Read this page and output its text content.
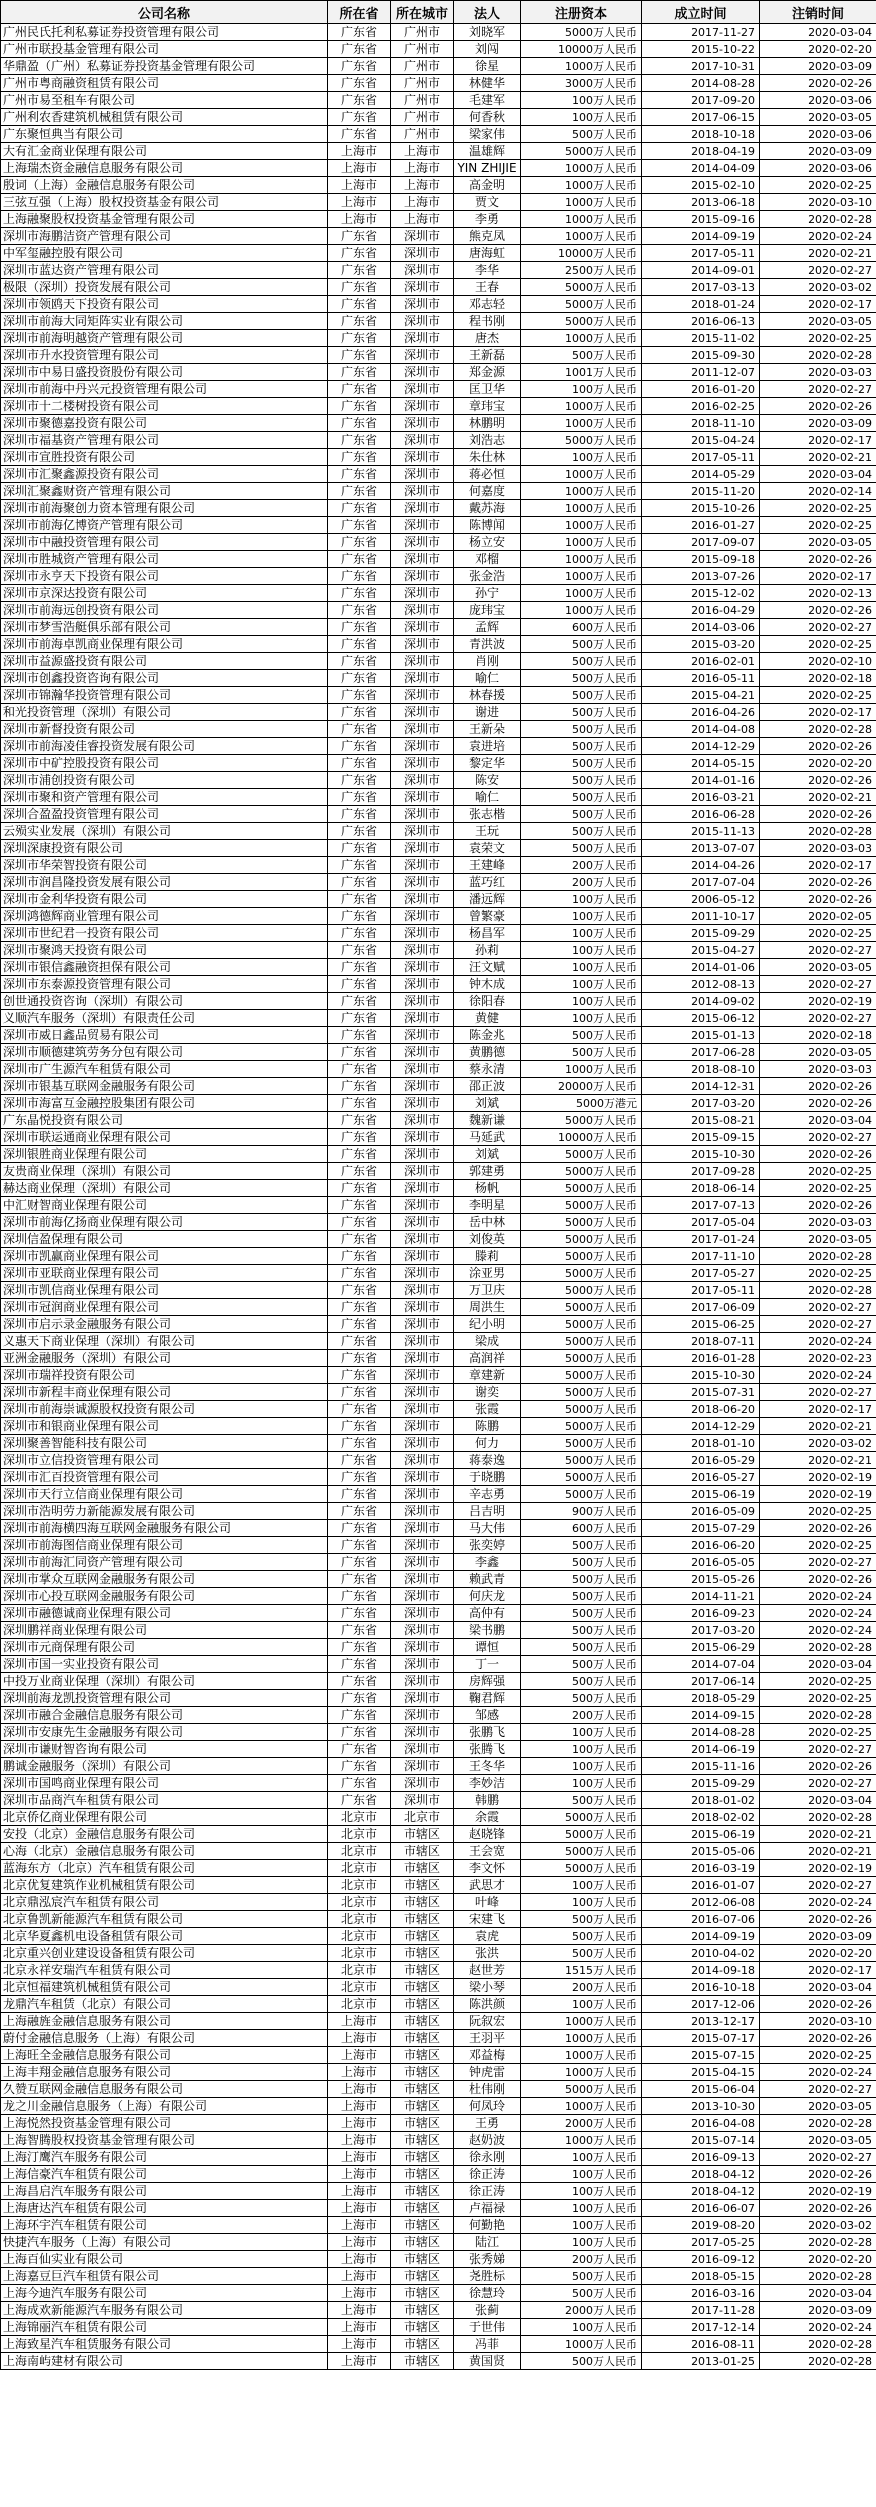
公司名称	所在省	所在城市	法人	注册资本	成立时间	注销时间
广州民氏托利私募证券投资管理有限公司	广东省	广州市	刘晓军	5000万人民币	2017-11-27	2020-03-04
广州市联投基金管理有限公司	广东省	广州市	刘闯	10000万人民币	2015-10-22	2020-02-20
华鼎盈（广州）私募证券投资基金管理有限公司	广东省	广州市	徐星	1000万人民币	2017-10-31	2020-03-09
广州市粤商融资租赁有限公司	广东省	广州市	林健华	3000万人民币	2014-08-28	2020-02-26
广州市易至租车有限公司	广东省	广州市	毛建军	100万人民币	2017-09-20	2020-03-06
广州利农香建筑机械租赁有限公司	广东省	广州市	何香秋	100万人民币	2017-06-15	2020-03-05
广东聚恒典当有限公司	广东省	广州市	梁家伟	500万人民币	2018-10-18	2020-03-06
大有汇金商业保理有限公司	上海市	上海市	温雄辉	5000万人民币	2018-04-19	2020-03-09
上海瑞杰资金融信息服务有限公司	上海市	上海市	YIN ZHIJIE	1000万人民币	2014-04-09	2020-03-06
殷词（上海）金融信息服务有限公司	上海市	上海市	高金明	1000万人民币	2015-02-10	2020-02-25
三弦互强（上海）股权投资基金有限公司	上海市	上海市	贾文	1000万人民币	2013-06-18	2020-03-10
上海融聚股权投资基金管理有限公司	上海市	上海市	李勇	1000万人民币	2015-09-16	2020-02-28
深圳市海鹏洁资产管理有限公司	广东省	深圳市	熊克凤	1000万人民币	2014-09-19	2020-02-24
中军玺融控股有限公司	广东省	深圳市	唐海虹	10000万人民币	2017-05-11	2020-02-21
深圳市蓝达资产管理有限公司	广东省	深圳市	李华	2500万人民币	2014-09-01	2020-02-27
极限（深圳）投资发展有限公司	广东省	深圳市	王春	5000万人民币	2017-03-13	2020-03-02
深圳市领鸥天下投资有限公司	广东省	深圳市	邓志轻	5000万人民币	2018-01-24	2020-02-17
深圳市前海大同矩阵实业有限公司	广东省	深圳市	程书刚	5000万人民币	2016-06-13	2020-03-05
深圳市前海明越资产管理有限公司	广东省	深圳市	唐杰	1000万人民币	2015-11-02	2020-02-25
深圳市升水投资管理有限公司	广东省	深圳市	王新磊	500万人民币	2015-09-30	2020-02-28
深圳市中易日盛投资股份有限公司	广东省	深圳市	郑金源	1001万人民币	2011-12-07	2020-03-03
深圳市前海中丹兴元投资管理有限公司	广东省	深圳市	匡卫华	100万人民币	2016-01-20	2020-02-27
深圳市十二楼树投资有限公司	广东省	深圳市	章玮宝	1000万人民币	2016-02-25	2020-02-26
深圳市聚德嘉投资有限公司	广东省	深圳市	林鹏明	1000万人民币	2018-11-10	2020-03-09
深圳市福基资产管理有限公司	广东省	深圳市	刘浩志	5000万人民币	2015-04-24	2020-02-17
深圳市宣胜投资有限公司	广东省	深圳市	朱仕林	100万人民币	2017-05-11	2020-02-21
深圳市汇聚鑫源投资有限公司	广东省	深圳市	蒋必恒	1000万人民币	2014-05-29	2020-03-04
深圳汇聚鑫财资产管理有限公司	广东省	深圳市	何嘉度	1000万人民币	2015-11-20	2020-02-14
深圳市前海聚创力资本管理有限公司	广东省	深圳市	戴苏海	1000万人民币	2015-10-26	2020-02-25
深圳市前海亿博资产管理有限公司	广东省	深圳市	陈博闻	1000万人民币	2016-01-27	2020-02-25
深圳市中融投资管理有限公司	广东省	深圳市	杨立安	1000万人民币	2017-09-07	2020-03-05
深圳市胜城资产管理有限公司	广东省	深圳市	邓榴	1000万人民币	2015-09-18	2020-02-26
深圳市永亨天下投资有限公司	广东省	深圳市	张金浩	1000万人民币	2013-07-26	2020-02-17
深圳市京深达投资有限公司	广东省	深圳市	孙宁	1000万人民币	2015-12-02	2020-02-13
深圳市前海远创投资有限公司	广东省	深圳市	庞玮宝	1000万人民币	2016-04-29	2020-02-26
深圳市梦雪浩艇俱乐部有限公司	广东省	深圳市	孟辉	600万人民币	2014-03-06	2020-02-27
深圳市前海卓凯商业保理有限公司	广东省	深圳市	青洪波	500万人民币	2015-03-20	2020-02-25
深圳市益源盛投资有限公司	广东省	深圳市	肖刚	500万人民币	2016-02-01	2020-02-10
深圳市创鑫投资咨询有限公司	广东省	深圳市	喻仁	500万人民币	2016-05-11	2020-02-18
深圳市锦瀚华投资管理有限公司	广东省	深圳市	林春援	500万人民币	2015-04-21	2020-02-25
和光投资管理（深圳）有限公司	广东省	深圳市	谢进	500万人民币	2016-04-26	2020-02-17
深圳市新督投资有限公司	广东省	深圳市	王新朵	500万人民币	2014-04-08	2020-02-28
深圳市前海凌佳睿投资发展有限公司	广东省	深圳市	袁进培	500万人民币	2014-12-29	2020-02-26
深圳市中矿控股投资有限公司	广东省	深圳市	黎定华	500万人民币	2014-05-15	2020-02-20
深圳市浦创投资有限公司	广东省	深圳市	陈安	500万人民币	2014-01-16	2020-02-26
深圳市聚和资产管理有限公司	广东省	深圳市	喻仁	500万人民币	2016-03-21	2020-02-21
深圳合盈盈投资管理有限公司	广东省	深圳市	张志楷	500万人民币	2016-06-28	2020-02-26
云殒实业发展（深圳）有限公司	广东省	深圳市	王玩	500万人民币	2015-11-13	2020-02-28
深圳深康投资有限公司	广东省	深圳市	袁荣文	500万人民币	2013-07-07	2020-03-03
深圳市华荣智投资有限公司	广东省	深圳市	王建峰	200万人民币	2014-04-26	2020-02-17
深圳市润昌隆投资发展有限公司	广东省	深圳市	蓝巧红	200万人民币	2017-07-04	2020-02-26
深圳市金利华投资有限公司	广东省	深圳市	潘远辉	100万人民币	2006-05-12	2020-02-26
深圳鸿德辉商业管理有限公司	广东省	深圳市	曾繁豪	100万人民币	2011-10-17	2020-02-05
深圳市世纪君一投资有限公司	广东省	深圳市	杨昌军	100万人民币	2015-09-29	2020-02-25
深圳市聚鸿天投资有限公司	广东省	深圳市	孙莉	100万人民币	2015-04-27	2020-02-27
深圳市银信鑫融资担保有限公司	广东省	深圳市	汪文赋	100万人民币	2014-01-06	2020-03-05
深圳市东泰源投资管理有限公司	广东省	深圳市	钟木成	100万人民币	2012-08-13	2020-02-27
创世通投资咨询（深圳）有限公司	广东省	深圳市	徐阳春	100万人民币	2014-09-02	2020-02-19
义顺汽车服务（深圳）有限责任公司	广东省	深圳市	黄健	100万人民币	2015-06-12	2020-02-27
深圳市威日鑫品贸易有限公司	广东省	深圳市	陈金兆	500万人民币	2015-01-13	2020-02-18
深圳市顺德建筑劳务分包有限公司	广东省	深圳市	黄鹏德	500万人民币	2017-06-28	2020-03-05
深圳市广生源汽车租赁有限公司	广东省	深圳市	蔡永清	1000万人民币	2018-08-10	2020-03-03
深圳市银基互联网金融服务有限公司	广东省	深圳市	邵正波	20000万人民币	2014-12-31	2020-02-26
深圳市海富互金融控股集团有限公司	广东省	深圳市	刘斌	5000万港元	2017-03-20	2020-02-26
广东晶悦投资有限公司	广东省	深圳市	魏新谦	5000万人民币	2015-08-21	2020-03-04
深圳市联运通商业保理有限公司	广东省	深圳市	马延武	10000万人民币	2015-09-15	2020-02-27
深圳银胜商业保理有限公司	广东省	深圳市	刘斌	5000万人民币	2015-10-30	2020-02-26
友贵商业保理（深圳）有限公司	广东省	深圳市	郭建勇	5000万人民币	2017-09-28	2020-02-25
赫达商业保理（深圳）有限公司	广东省	深圳市	杨帆	5000万人民币	2018-06-14	2020-02-25
中汇财智商业保理有限公司	广东省	深圳市	李明星	5000万人民币	2017-07-13	2020-02-26
深圳市前海亿扬商业保理有限公司	广东省	深圳市	岳中林	5000万人民币	2017-05-04	2020-03-03
深圳信盈保理有限公司	广东省	深圳市	刘俊英	5000万人民币	2017-01-24	2020-03-05
深圳市凯赢商业保理有限公司	广东省	深圳市	滕莉	5000万人民币	2017-11-10	2020-02-28
深圳市亚联商业保理有限公司	广东省	深圳市	涂亚男	5000万人民币	2017-05-27	2020-02-25
深圳市凯信商业保理有限公司	广东省	深圳市	万卫庆	5000万人民币	2017-05-11	2020-02-28
深圳市冠润商业保理有限公司	广东省	深圳市	周洪生	5000万人民币	2017-06-09	2020-02-27
深圳市启示录金融服务有限公司	广东省	深圳市	纪小明	5000万人民币	2015-06-25	2020-02-27
义惠天下商业保理（深圳）有限公司	广东省	深圳市	梁成	5000万人民币	2018-07-11	2020-02-24
亚洲金融服务（深圳）有限公司	广东省	深圳市	高润祥	5000万人民币	2016-01-28	2020-02-23
深圳市瑞祥投资有限公司	广东省	深圳市	章建新	5000万人民币	2015-10-30	2020-02-24
深圳市新程丰商业保理有限公司	广东省	深圳市	谢奕	5000万人民币	2015-07-31	2020-02-27
深圳市前海崇诚源股权投资有限公司	广东省	深圳市	张霞	5000万人民币	2018-06-20	2020-02-17
深圳市和银商业保理有限公司	广东省	深圳市	陈鹏	5000万人民币	2014-12-29	2020-02-21
深圳聚善智能科技有限公司	广东省	深圳市	何力	5000万人民币	2018-01-10	2020-03-02
深圳市立信投资管理有限公司	广东省	深圳市	蒋泰逸	5000万人民币	2016-05-29	2020-02-21
深圳市汇百投资管理有限公司	广东省	深圳市	于晓鹏	5000万人民币	2016-05-27	2020-02-19
深圳市天行立信商业保理有限公司	广东省	深圳市	辛志勇	5000万人民币	2015-06-19	2020-02-19
深圳市浩明劳力新能源发展有限公司	广东省	深圳市	吕吉明	900万人民币	2016-05-09	2020-02-25
深圳市前海横四海互联网金融服务有限公司	广东省	深圳市	马大伟	600万人民币	2015-07-29	2020-02-26
深圳市前海图信商业保理有限公司	广东省	深圳市	张奕婷	500万人民币	2016-06-20	2020-02-25
深圳市前海汇同资产管理有限公司	广东省	深圳市	李鑫	500万人民币	2016-05-05	2020-02-27
深圳市掌众互联网金融服务有限公司	广东省	深圳市	赖武青	500万人民币	2015-05-26	2020-02-26
深圳市心投互联网金融服务有限公司	广东省	深圳市	何庆龙	500万人民币	2014-11-21	2020-02-24
深圳市融德诚商业保理有限公司	广东省	深圳市	高仲有	500万人民币	2016-09-23	2020-02-24
深圳鹏祥商业保理有限公司	广东省	深圳市	梁书鹏	500万人民币	2017-03-20	2020-02-24
深圳市元商保理有限公司	广东省	深圳市	谭恒	500万人民币	2015-06-29	2020-02-28
深圳市国一实业投资有限公司	广东省	深圳市	丁一	500万人民币	2014-07-04	2020-03-04
中投万业商业保理（深圳）有限公司	广东省	深圳市	房辉强	500万人民币	2017-06-14	2020-02-25
深圳前海龙凯投资管理有限公司	广东省	深圳市	鞠君辉	500万人民币	2018-05-29	2020-02-25
深圳市融合金融信息服务有限公司	广东省	深圳市	邹感	200万人民币	2014-09-15	2020-02-28
深圳市安康先生金融服务有限公司	广东省	深圳市	张鹏飞	100万人民币	2014-08-28	2020-02-25
深圳市谦财智咨询有限公司	广东省	深圳市	张腾飞	100万人民币	2014-06-19	2020-02-27
鹏诚金融服务（深圳）有限公司	广东省	深圳市	王冬华	100万人民币	2015-11-16	2020-02-26
深圳市国鸣商业保理有限公司	广东省	深圳市	李妙洁	100万人民币	2015-09-29	2020-02-27
深圳市品商汽车租赁有限公司	广东省	深圳市	韩鹏	500万人民币	2018-01-02	2020-03-04
北京侨亿商业保理有限公司	北京市	北京市	余霞	5000万人民币	2018-02-02	2020-02-28
安投（北京）金融信息服务有限公司	北京市	市辖区	赵晓锋	5000万人民币	2015-06-19	2020-02-21
心海（北京）金融信息服务有限公司	北京市	市辖区	王会宽	5000万人民币	2015-05-06	2020-02-21
蓝海东方（北京）汽车租赁有限公司	北京市	市辖区	李文怀	5000万人民币	2016-03-19	2020-02-19
北京优复建筑作业机械租赁有限公司	北京市	市辖区	武思才	100万人民币	2016-01-07	2020-02-27
北京鼎泓宸汽车租赁有限公司	北京市	市辖区	叶峰	100万人民币	2012-06-08	2020-02-24
北京鲁凯新能源汽车租赁有限公司	北京市	市辖区	宋建飞	500万人民币	2016-07-06	2020-02-26
北京华夏鑫机电设备租赁有限公司	北京市	市辖区	袁虎	500万人民币	2014-09-19	2020-03-09
北京重兴创业建设设备租赁有限公司	北京市	市辖区	张洪	500万人民币	2010-04-02	2020-02-20
北京永祥安瑞汽车租赁有限公司	北京市	市辖区	赵世芳	1515万人民币	2014-09-18	2020-02-17
北京恒福建筑机械租赁有限公司	北京市	市辖区	梁小琴	200万人民币	2016-10-18	2020-03-04
龙鼎汽车租赁（北京）有限公司	北京市	市辖区	陈洪颜	100万人民币	2017-12-06	2020-02-26
上海融旌金融信息服务有限公司	上海市	市辖区	阮叙宏	1000万人民币	2013-12-17	2020-03-10
蔚付金融信息服务（上海）有限公司	上海市	市辖区	王羽平	1000万人民币	2015-07-17	2020-02-26
上海旺全金融信息服务有限公司	上海市	市辖区	邓益梅	1000万人民币	2015-07-15	2020-02-25
上海丰翔金融信息服务有限公司	上海市	市辖区	钟虎雷	1000万人民币	2015-04-15	2020-02-24
久赞互联网金融信息服务有限公司	上海市	市辖区	杜伟刚	5000万人民币	2015-06-04	2020-02-27
龙之川金融信息服务（上海）有限公司	上海市	市辖区	何凤玲	1000万人民币	2013-10-30	2020-03-05
上海悦然投资基金管理有限公司	上海市	市辖区	王勇	2000万人民币	2016-04-08	2020-02-28
上海智腾股权投资基金管理有限公司	上海市	市辖区	赵奶波	1000万人民币	2015-07-14	2020-03-05
上海汀鹰汽车服务有限公司	上海市	市辖区	徐永刚	100万人民币	2016-09-13	2020-02-27
上海信豪汽车租赁有限公司	上海市	市辖区	徐正涛	100万人民币	2018-04-12	2020-02-26
上海昌启汽车服务有限公司	上海市	市辖区	徐正涛	100万人民币	2018-04-12	2020-02-19
上海唐达汽车租赁有限公司	上海市	市辖区	卢福禄	100万人民币	2016-06-07	2020-02-26
上海环宇汽车租赁有限公司	上海市	市辖区	何勤艳	100万人民币	2019-08-20	2020-03-02
快捷汽车服务（上海）有限公司	上海市	市辖区	陆江	100万人民币	2017-05-25	2020-02-28
上海百仙实业有限公司	上海市	市辖区	张秀娣	200万人民币	2016-09-12	2020-02-20
上海嘉豆巨汽车租赁有限公司	上海市	市辖区	尧胜标	500万人民币	2018-05-15	2020-02-28
上海今迪汽车服务有限公司	上海市	市辖区	徐慧玲	500万人民币	2016-03-16	2020-03-04
上海成欢新能源汽车服务有限公司	上海市	市辖区	张蓟	2000万人民币	2017-11-28	2020-03-09
上海锦丽汽车租赁有限公司	上海市	市辖区	于世伟	100万人民币	2017-12-14	2020-02-24
上海致星汽车租赁服务有限公司	上海市	市辖区	冯菲	1000万人民币	2016-08-11	2020-02-28
上海南屿建材有限公司	上海市	市辖区	黄国贤	500万人民币	2013-01-25	2020-02-28
